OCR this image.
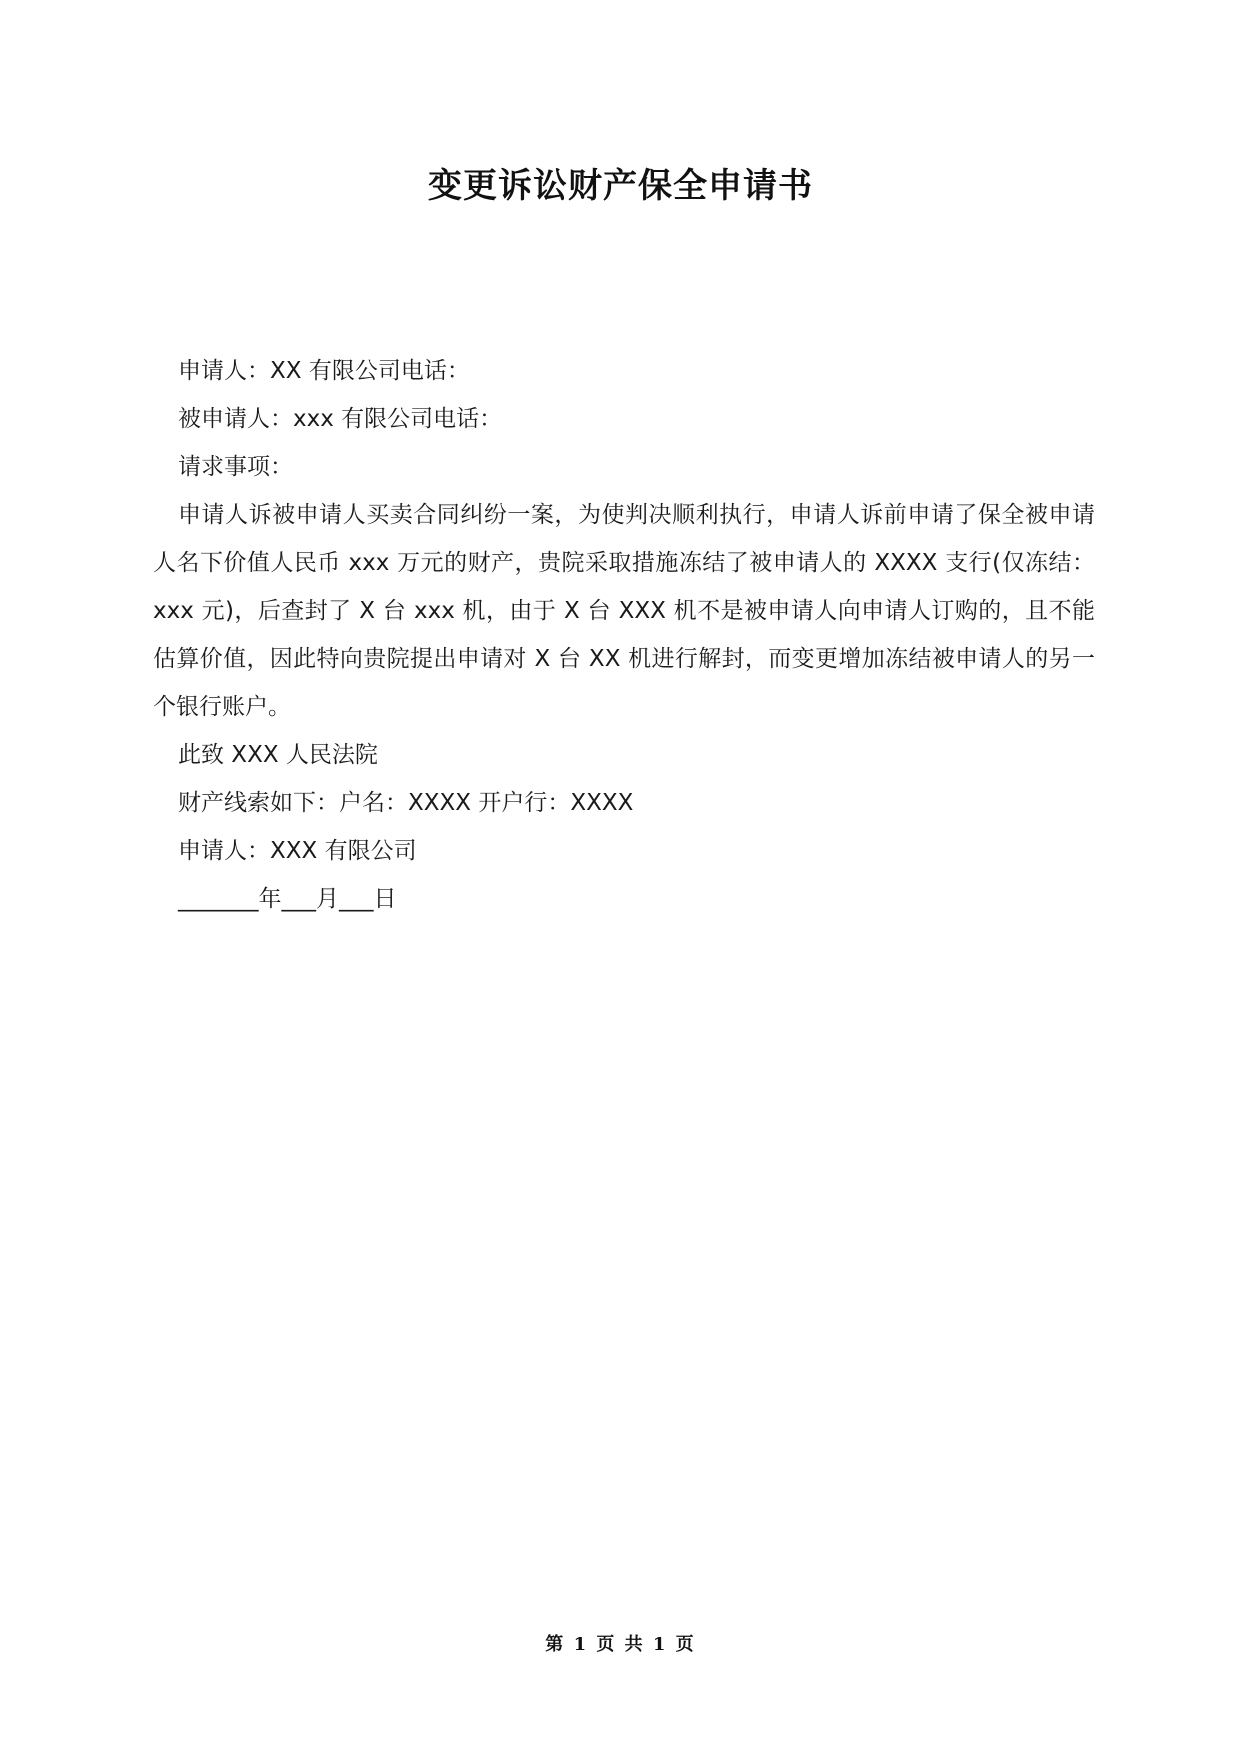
变更诉讼财产保全申请书

申请人：XX 有限公司电话：

被申请人：xxx 有限公司电话：

请求事项：

申请人诉被申请人买卖合同纠纷一案，为使判决顺利执行，申请人诉前申请了保全被申请人名下价值人民币 xxx 万元的财产，贵院采取措施冻结了被申请人的 XXXX 支行(仅冻结：xxx 元)，后查封了 X 台 xxx 机，由于 X 台 XXX 机不是被申请人向申请人订购的，且不能估算价值，因此特向贵院提出申请对 X 台 XX 机进行解封，而变更增加冻结被申请人的另一个银行账户。

此致 XXX 人民法院

财产线索如下：户名：XXXX 开户行：XXXX

申请人：XXX 有限公司

_______年___月___日

第 1 页 共 1 页
